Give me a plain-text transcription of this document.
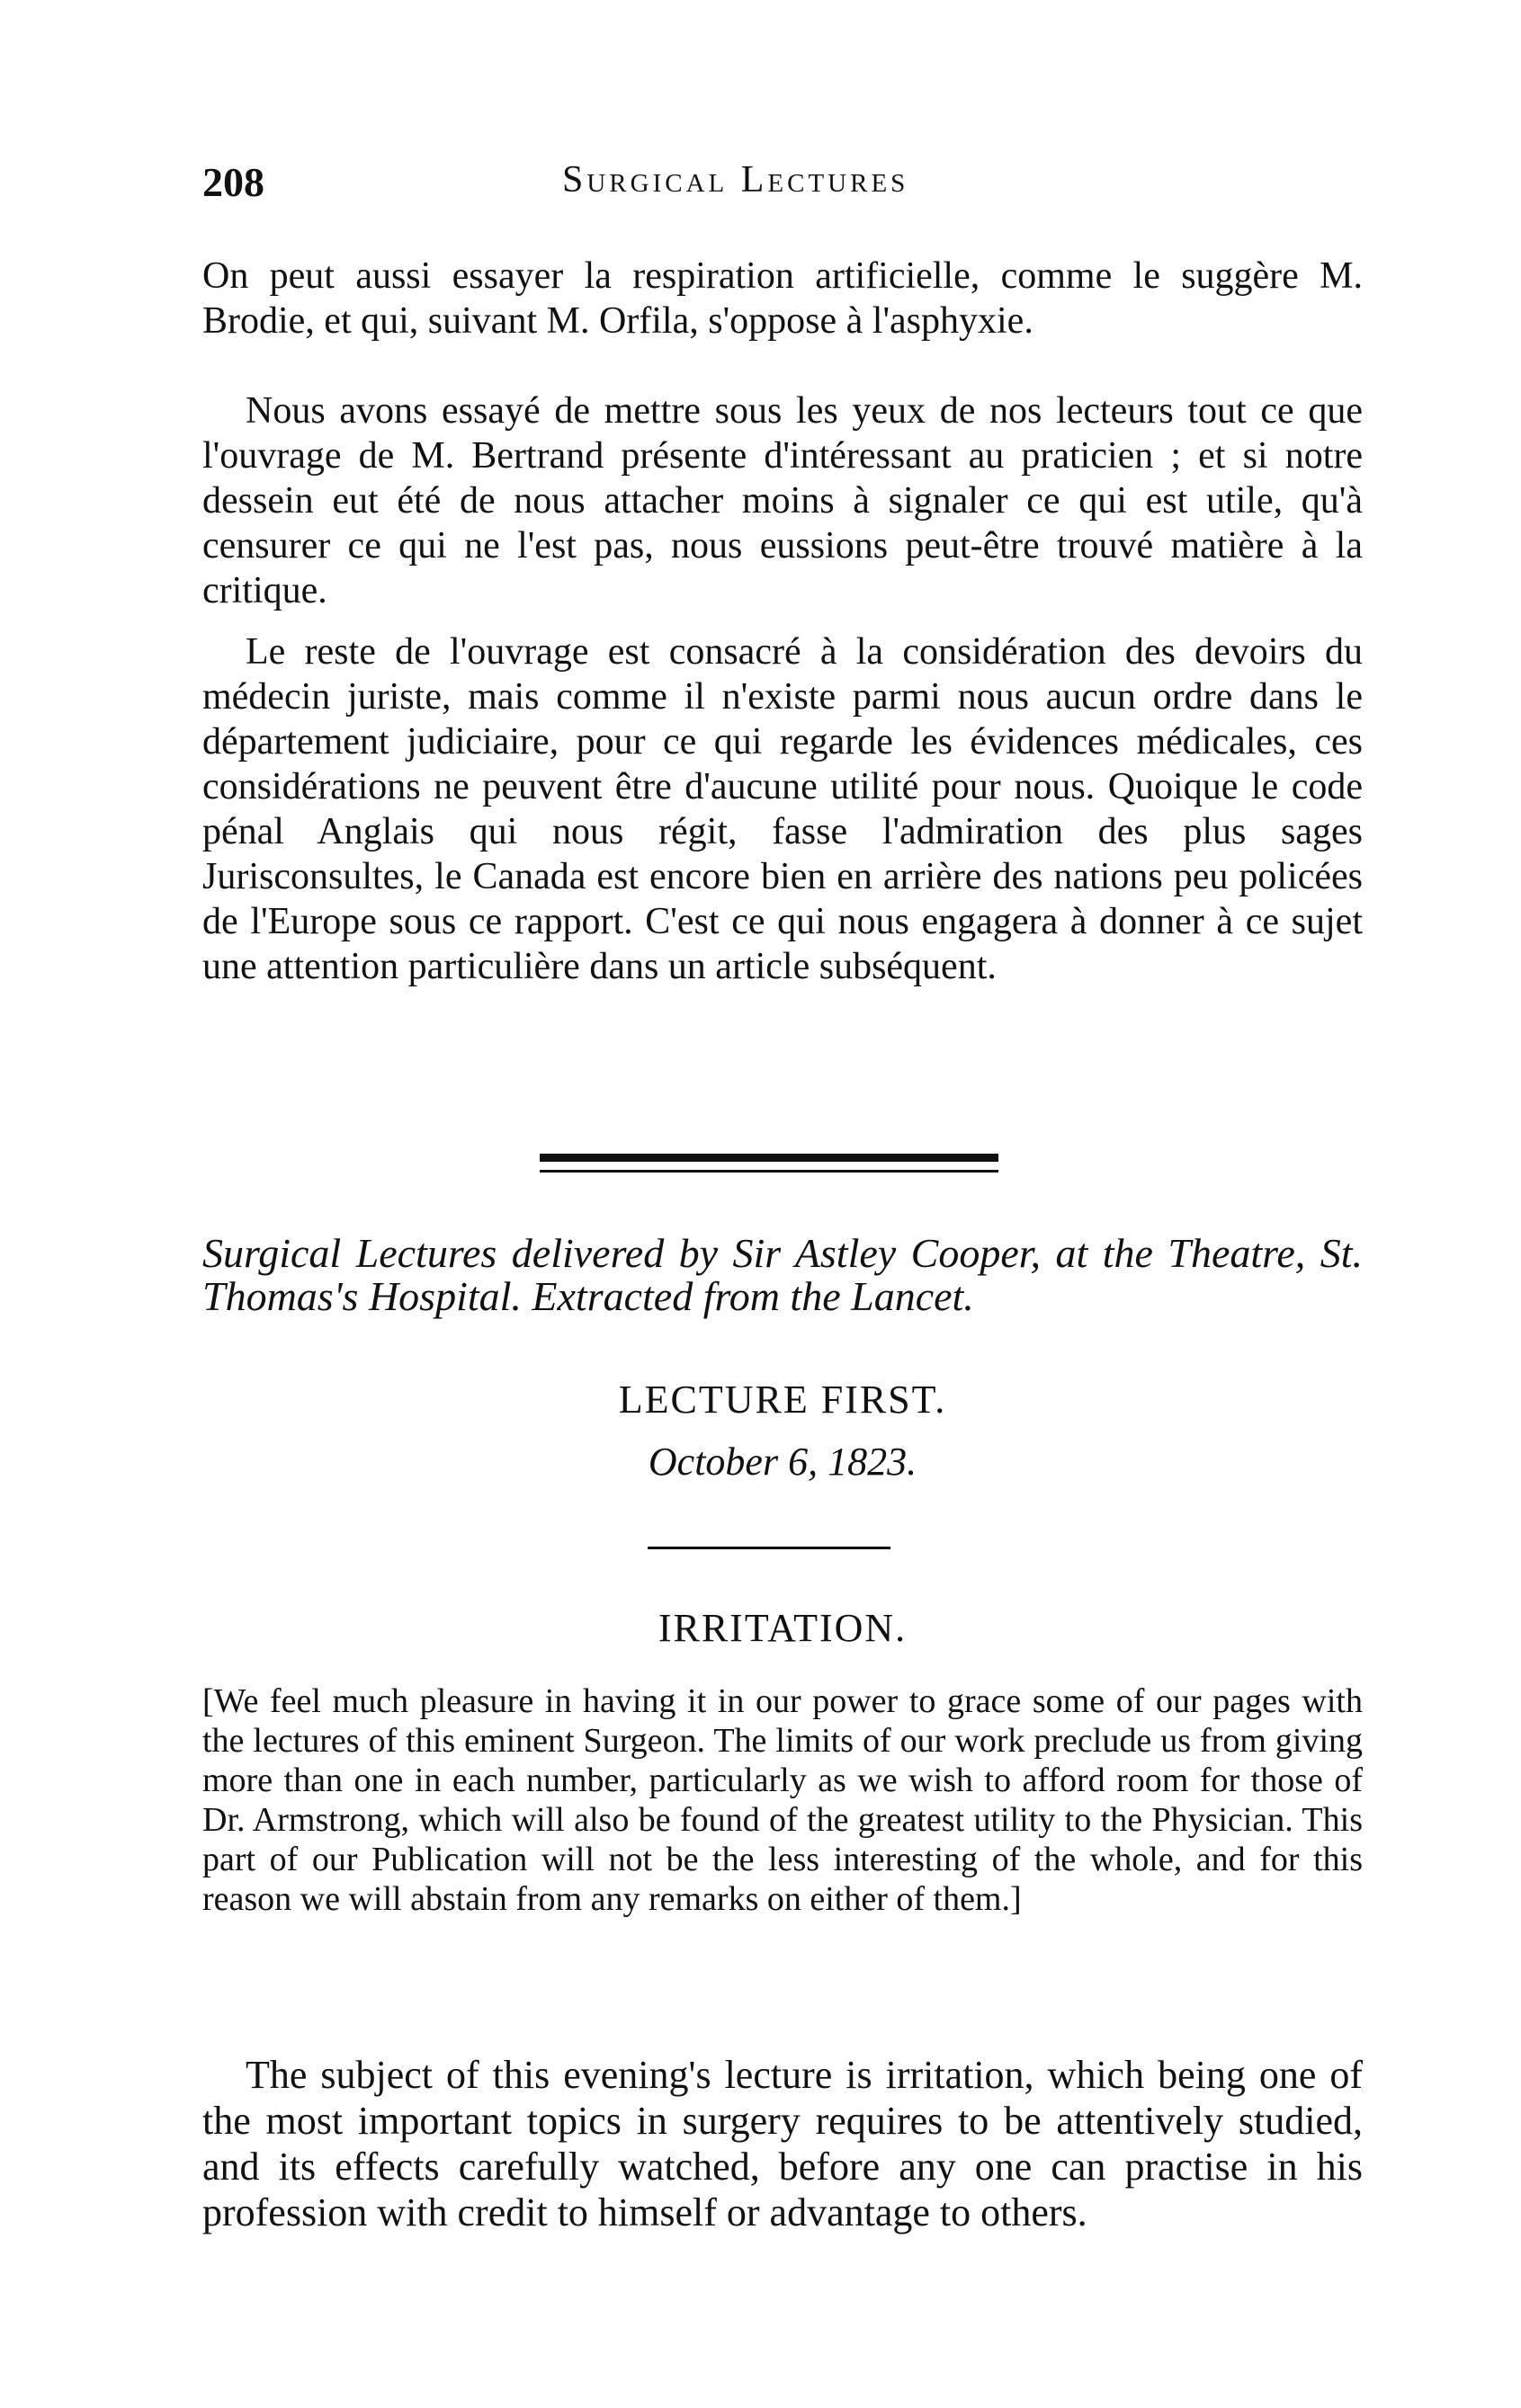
208	Surgical Lectures

On peut aussi essayer la respiration artificielle, comme le suggère M. Brodie, et qui, suivant M. Orfila, s'oppose à l'asphyxie.

Nous avons essayé de mettre sous les yeux de nos lecteurs tout ce que l'ouvrage de M. Bertrand présente d'intéressant au praticien ; et si notre dessein eut été de nous attacher moins à signaler ce qui est utile, qu'à censurer ce qui ne l'est pas, nous eussions peut-être trouvé matière à la critique.

Le reste de l'ouvrage est consacré à la considération des devoirs du médecin juriste, mais comme il n'existe parmi nous aucun ordre dans le département judiciaire, pour ce qui regarde les évidences médicales, ces considérations ne peuvent être d'aucune utilité pour nous. Quoique le code pénal Anglais qui nous régit, fasse l'admiration des plus sages Jurisconsultes, le Canada est encore bien en arrière des nations peu policées de l'Europe sous ce rapport. C'est ce qui nous engagera à donner à ce sujet une attention particulière dans un article subséquent.

Surgical Lectures delivered by Sir Astley Cooper, at the Theatre, St. Thomas's Hospital. Extracted from the Lancet.

LECTURE FIRST.

October 6, 1823.

IRRITATION.

[We feel much pleasure in having it in our power to grace some of our pages with the lectures of this eminent Surgeon. The limits of our work preclude us from giving more than one in each number, particularly as we wish to afford room for those of Dr. Armstrong, which will also be found of the greatest utility to the Physician. This part of our Publication will not be the less interesting of the whole, and for this reason we will abstain from any remarks on either of them.]

The subject of this evening's lecture is irritation, which being one of the most important topics in surgery requires to be attentively studied, and its effects carefully watched, before any one can practise in his profession with credit to himself or advantage to others.
